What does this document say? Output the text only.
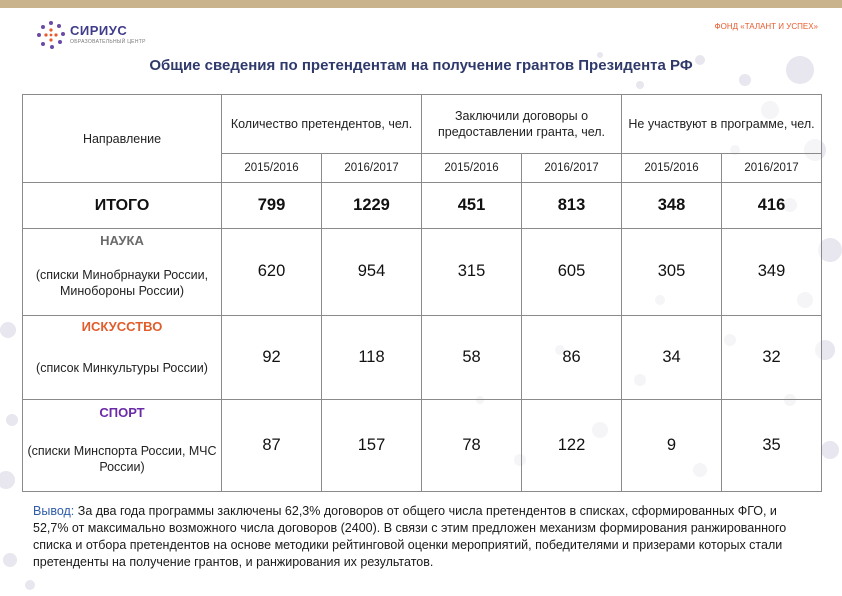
СИРИУС
ОБРАЗОВАТЕЛЬНЫЙ ЦЕНТР
ФОНД «ТАЛАНТ И УСПЕХ»
Общие сведения по претендентам на получение грантов Президента РФ
Направление	Количество претендентов, чел.		Заключили договоры о предоставлении гранта, чел.		Не участвуют в программе, чел.	
	2015/2016	2016/2017	2015/2016	2016/2017	2015/2016	2016/2017
ИТОГО	799	1229	451	813	348	416
НАУКА	620	954	315	605	305	349
(списки Минобрнауки России, Минобороны России)						
ИСКУССТВО	92	118	58	86	34	32
(список Минкультуры России)						
СПОРТ	87	157	78	122	9	35
(списки Минспорта России, МЧС России)						
Вывод: За два года программы заключены 62,3% договоров от общего числа претендентов в списках, сформированных ФГО, и 52,7% от максимально возможного числа договоров (2400). В связи с этим предложен механизм формирования ранжированного списка и отбора претендентов на основе методики рейтинговой оценки мероприятий, победителями и призерами которых стали претенденты на получение грантов, и ранжирования их результатов.
